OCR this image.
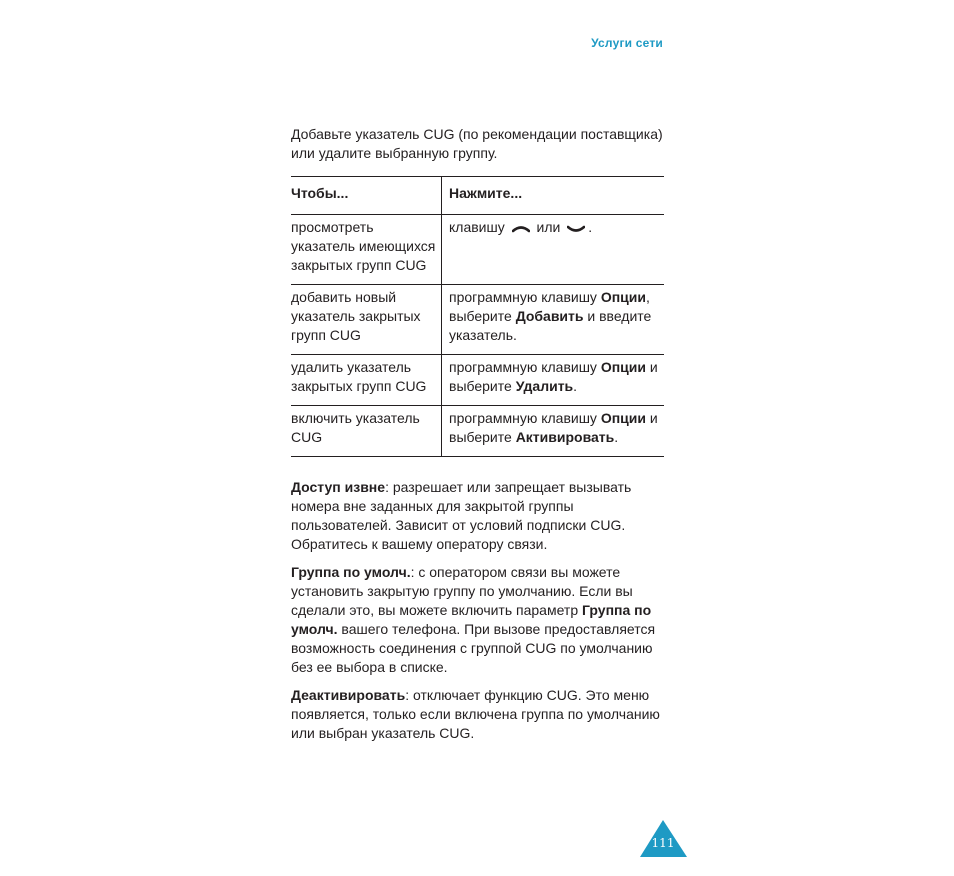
Услуги сети

Добавьте указатель CUG (по рекомендации поставщика) или удалите выбранную группу.

Чтобы...	Нажмите...
просмотреть указатель имеющихся закрытых групп CUG	клавишу или .
добавить новый указатель закрытых групп CUG	программную клавишу Опции, выберите Добавить и введите указатель.
удалить указатель закрытых групп CUG	программную клавишу Опции и выберите Удалить.
включить указатель CUG	программную клавишу Опции и выберите Активировать.

Доступ извне: разрешает или запрещает вызывать номера вне заданных для закрытой группы пользователей. Зависит от условий подписки CUG. Обратитесь к вашему оператору связи.

Группа по умолч.: с оператором связи вы можете установить закрытую группу по умолчанию. Если вы сделали это, вы можете включить параметр Группа по умолч. вашего телефона. При вызове предоставляется возможность соединения с группой CUG по умолчанию без ее выбора в списке.

Деактивировать: отключает функцию CUG. Это меню появляется, только если включена группа по умолчанию или выбран указатель CUG.

111
